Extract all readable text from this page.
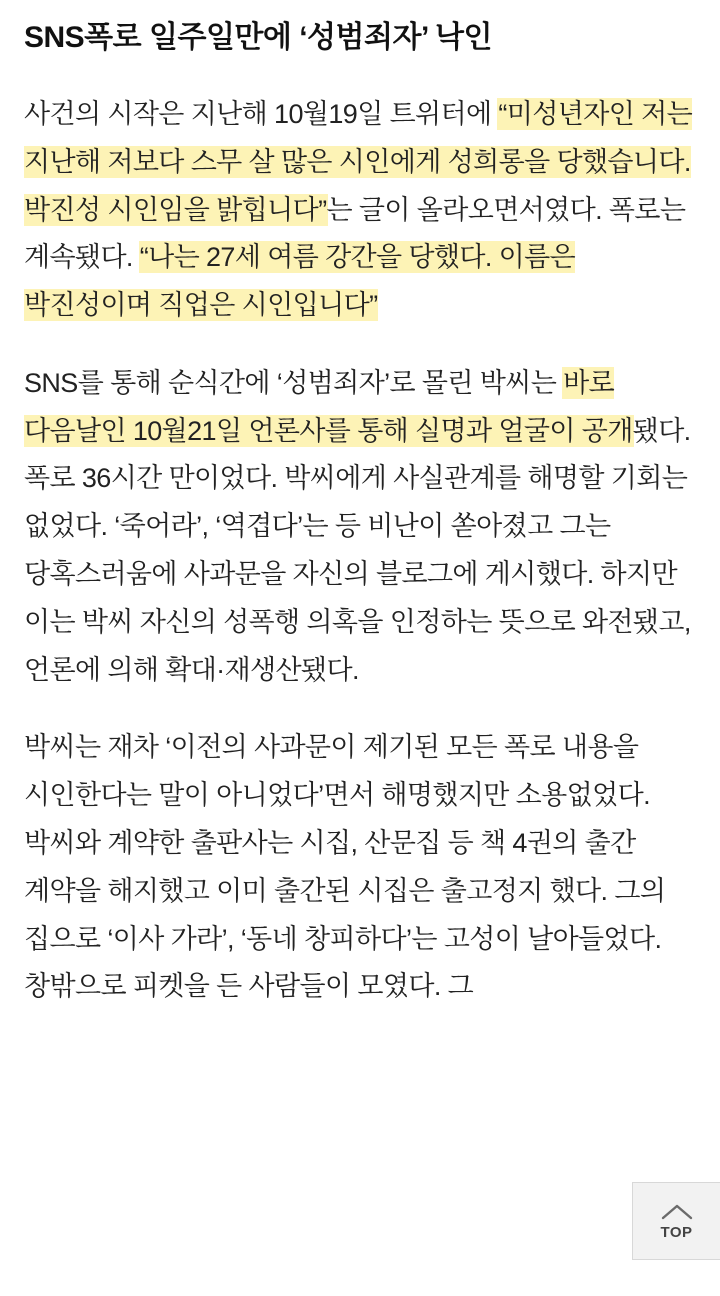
SNS폭로 일주일만에 ‘성범죄자’ 낙인

사건의 시작은 지난해 10월19일 트위터에 “미성년자인 저는 지난해 저보다 스무 살 많은 시인에게 성희롱을 당했습니다. 박진성 시인임을 밝힙니다”는 글이 올라오면서였다. 폭로는 계속됐다. “나는 27세 여름 강간을 당했다. 이름은 박진성이며 직업은 시인입니다”

SNS를 통해 순식간에 ‘성범죄자’로 몰린 박씨는 바로 다음날인 10월21일 언론사를 통해 실명과 얼굴이 공개됐다. 폭로 36시간 만이었다. 박씨에게 사실관계를 해명할 기회는 없었다. ‘죽어라’, ‘역겹다’는 등 비난이 쏟아졌고 그는 당혹스러움에 사과문을 자신의 블로그에 게시했다. 하지만 이는 박씨 자신의 성폭행 의혹을 인정하는 뜻으로 와전됐고, 언론에 의해 확대·재생산됐다.

박씨는 재차 ‘이전의 사과문이 제기된 모든 폭로 내용을 시인한다는 말이 아니었다’면서 해명했지만 소용없었다. 박씨와 계약한 출판사는 시집, 산문집 등 책 4권의 출간 계약을 해지했고 이미 출간된 시집은 출고정지 했다. 그의 집으로 ‘이사 가라’, ‘동네 창피하다’는 고성이 날아들었다. 창밖으로 피켓을 든 사람들이 모였다. 그

TOP
